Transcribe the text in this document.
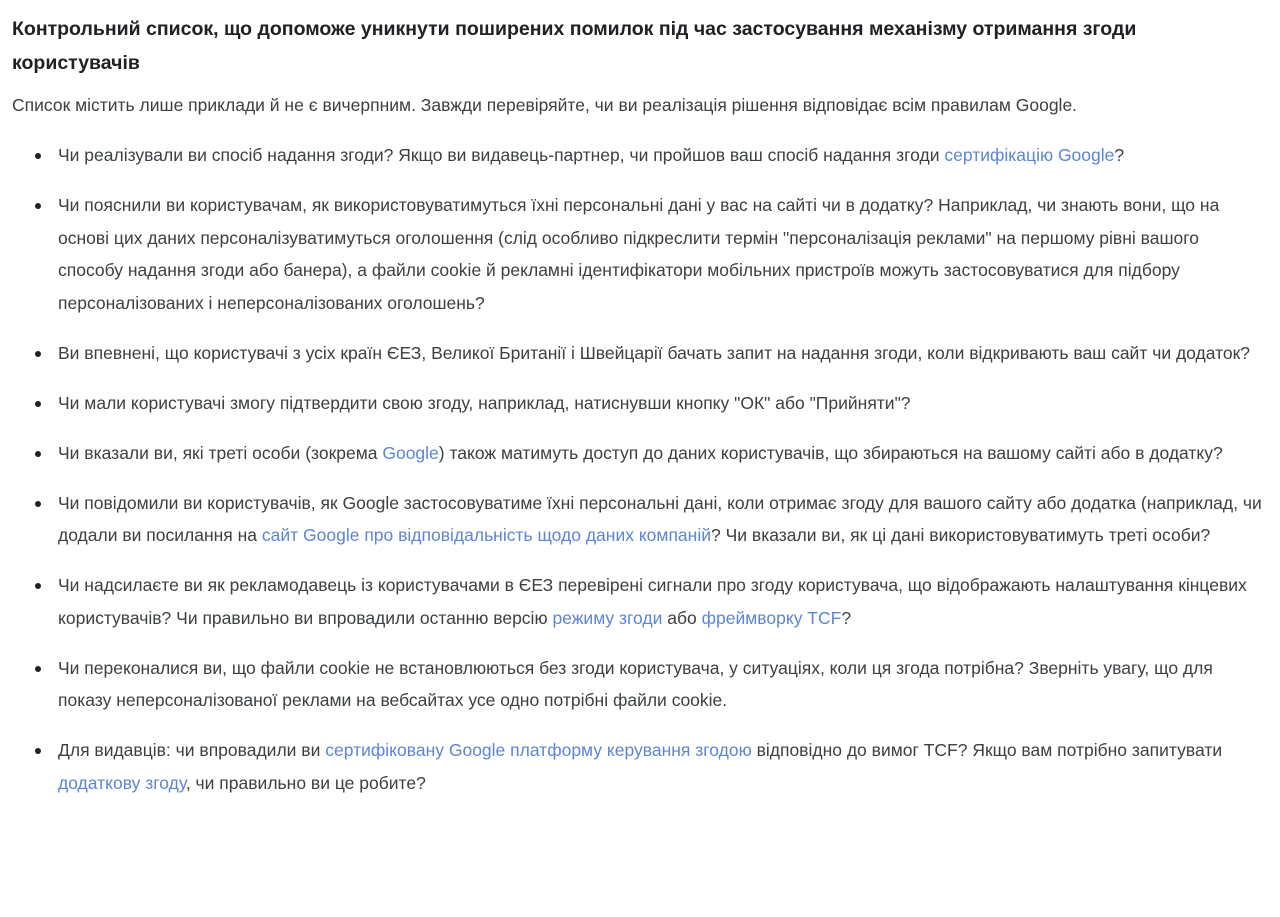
Контрольний список, що допоможе уникнути поширених помилок під час застосування механізму отримання згоди користувачів

Список містить лише приклади й не є вичерпним. Завжди перевіряйте, чи ви реалізація рішення відповідає всім правилам Google.

Чи реалізували ви спосіб надання згоди? Якщо ви видавець-партнер, чи пройшов ваш спосіб надання згоди сертифікацію Google?
Чи пояснили ви користувачам, як використовуватимуться їхні персональні дані у вас на сайті чи в додатку? Наприклад, чи знають вони, що на основі цих даних персоналізуватимуться оголошення (слід особливо підкреслити термін "персоналізація реклами" на першому рівні вашого способу надання згоди або банера), а файли cookie й рекламні ідентифікатори мобільних пристроїв можуть застосовуватися для підбору персоналізованих і неперсоналізованих оголошень?
Ви впевнені, що користувачі з усіх країн ЄЕЗ, Великої Британії і Швейцарії бачать запит на надання згоди, коли відкривають ваш сайт чи додаток?
Чи мали користувачі змогу підтвердити свою згоду, наприклад, натиснувши кнопку "ОК" або "Прийняти"?
Чи вказали ви, які треті особи (зокрема Google) також матимуть доступ до даних користувачів, що збираються на вашому сайті або в додатку?
Чи повідомили ви користувачів, як Google застосовуватиме їхні персональні дані, коли отримає згоду для вашого сайту або додатка (наприклад, чи додали ви посилання на сайт Google про відповідальність щодо даних компаній? Чи вказали ви, як ці дані використовуватимуть треті особи?
Чи надсилаєте ви як рекламодавець із користувачами в ЄЕЗ перевірені сигнали про згоду користувача, що відображають налаштування кінцевих користувачів? Чи правильно ви впровадили останню версію режиму згоди або фреймворку TCF?
Чи переконалися ви, що файли cookie не встановлюються без згоди користувача, у ситуаціях, коли ця згода потрібна? Зверніть увагу, що для показу неперсоналізованої реклами на вебсайтах усе одно потрібні файли cookie.
Для видавців: чи впровадили ви сертифіковану Google платформу керування згодою відповідно до вимог TCF? Якщо вам потрібно запитувати додаткову згоду, чи правильно ви це робите?
